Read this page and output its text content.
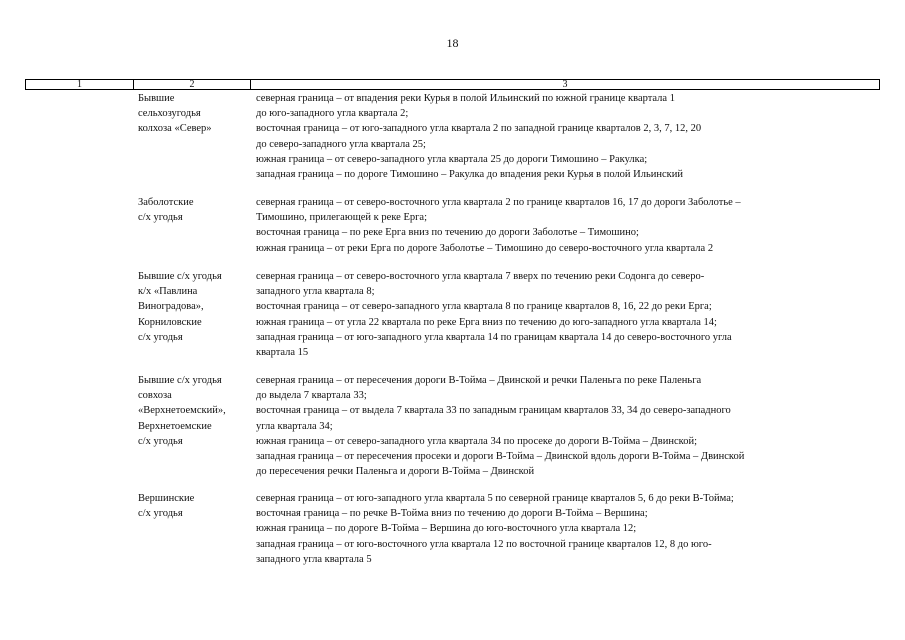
18
1	2	3
Бывшие
сельхозугодья
колхоза «Север»
северная граница – от впадения реки Курья в полой Ильинский по южной границе квартала 1
до юго-западного угла квартала 2;
восточная граница – от юго-западного угла квартала 2 по западной границе кварталов 2, 3, 7, 12, 20
до северо-западного угла квартала 25;
южная граница – от северо-западного угла квартала 25 до дороги Тимошино – Ракулка;
западная граница – по дороге Тимошино – Ракулка до впадения реки Курья в полой Ильинский
Заболотские
с/х угодья
северная граница – от северо-восточного угла квартала 2 по границе кварталов 16, 17 до дороги Заболотье –
Тимошино, прилегающей к реке Ерга;
восточная граница – по реке Ерга вниз по течению до дороги Заболотье – Тимошино;
южная граница – от реки Ерга по дороге Заболотье – Тимошино до северо-восточного угла квартала 2
Бывшие с/х угодья
к/х «Павлина
Виноградова»,
Корниловские
с/х угодья
северная граница – от северо-восточного угла квартала 7 вверх по течению реки Содонга до северо-
западного угла квартала 8;
восточная граница – от северо-западного угла квартала 8 по границе кварталов 8, 16, 22 до реки Ерга;
южная граница – от угла 22 квартала по реке Ерга вниз по течению до юго-западного угла квартала 14;
западная граница – от юго-западного угла квартала 14 по границам квартала 14 до северо-восточного угла
квартала 15
Бывшие с/х угодья
совхоза
«Верхнетоемский»,
Верхнетоемские
с/х угодья
северная граница – от пересечения дороги В-Тойма – Двинской и речки Паленьга по реке Паленьга
до выдела 7 квартала 33;
восточная граница – от выдела 7 квартала 33 по западным границам кварталов 33, 34 до северо-западного
угла квартала 34;
южная граница – от северо-западного угла квартала 34 по просеке до дороги В-Тойма – Двинской;
западная граница – от пересечения просеки и дороги В-Тойма – Двинской вдоль дороги В-Тойма – Двинской
до пересечения речки Паленьга и дороги В-Тойма – Двинской
Вершинские
с/х угодья
северная граница – от юго-западного угла квартала 5 по северной границе кварталов 5, 6 до реки В-Тойма;
восточная граница – по речке В-Тойма вниз по течению до дороги В-Тойма – Вершина;
южная граница – по дороге В-Тойма – Вершина до юго-восточного угла квартала 12;
западная граница – от юго-восточного угла квартала 12 по восточной границе кварталов 12, 8 до юго-
западного угла квартала 5
